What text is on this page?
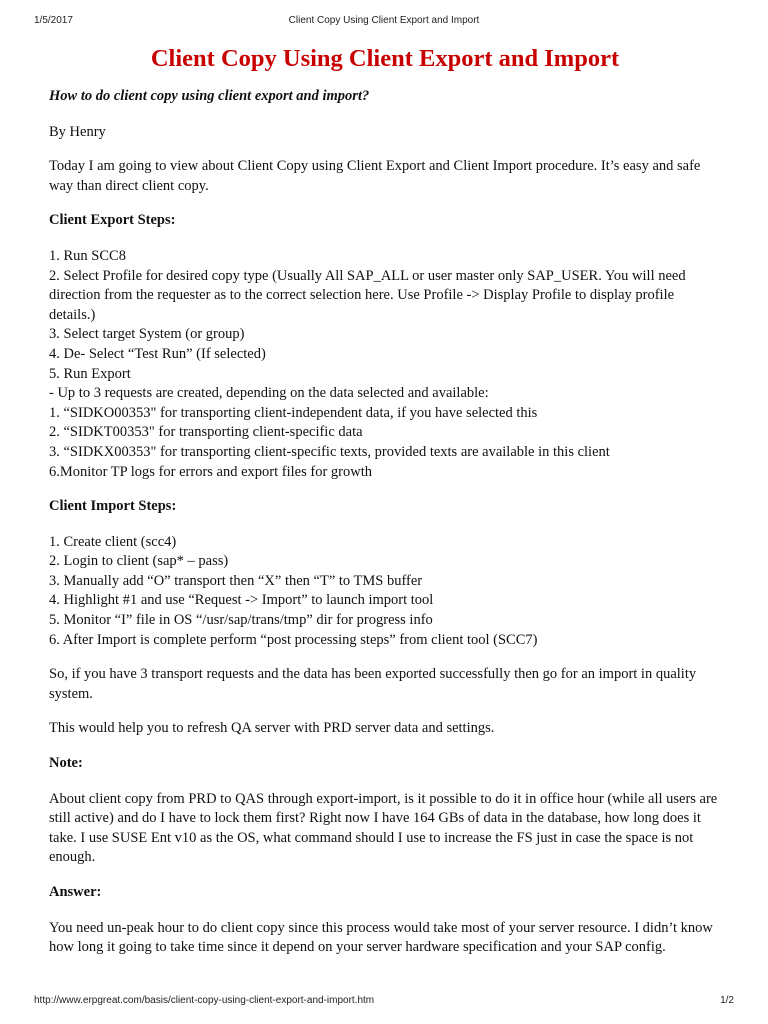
1/5/2017	Client Copy Using Client Export and Import
Client Copy Using Client Export and Import

How to do client copy using client export and import?

By Henry

Today I am going to view about Client Copy using Client Export and Client Import procedure. It’s easy and safe way than direct client copy.

Client Export Steps:

1. Run SCC8
2. Select Profile for desired copy type (Usually All SAP_ALL or user master only SAP_USER. You will need direction from the requester as to the correct selection here. Use Profile -> Display Profile to display profile details.)
3. Select target System (or group)
4. De- Select “Test Run” (If selected)
5. Run Export
- Up to 3 requests are created, depending on the data selected and available:
1. “SIDKO00353" for transporting client-independent data, if you have selected this
2. “SIDKT00353" for transporting client-specific data
3. “SIDKX00353" for transporting client-specific texts, provided texts are available in this client
6.Monitor TP logs for errors and export files for growth

Client Import Steps:

1. Create client (scc4)
2. Login to client (sap* – pass)
3. Manually add “O” transport then “X” then “T” to TMS buffer
4. Highlight #1 and use “Request -> Import” to launch import tool
5. Monitor “I” file in OS “/usr/sap/trans/tmp” dir for progress info
6. After Import is complete perform “post processing steps” from client tool (SCC7)

So, if you have 3 transport requests and the data has been exported successfully then go for an import in quality system.

This would help you to refresh QA server with PRD server data and settings.

Note:

About client copy from PRD to QAS through export-import, is it possible to do it in office hour (while all users are still active) and do I have to lock them first? Right now I have 164 GBs of data in the database, how long does it take. I use SUSE Ent v10 as the OS, what command should I use to increase the FS just in case the space is not enough.

Answer:

You need un-peak hour to do client copy since this process would take most of your server resource. I didn’t know how long it going to take time since it depend on your server hardware specification and your SAP config.

http://www.erpgreat.com/basis/client-copy-using-client-export-and-import.htm	1/2
